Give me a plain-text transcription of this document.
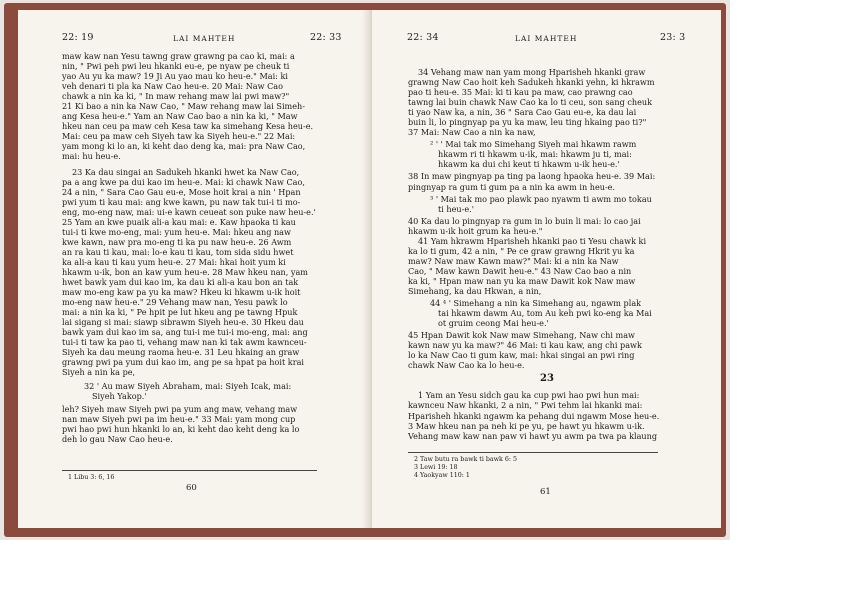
22: 19	LAI MAHTEH	22: 33

maw kaw nan Yesu tawng graw grawng pa cao ki, mai: a

nin, " Pwi peh pwi leu hkanki eu-e, pe nyaw pe cheuk ti

yao Au yu ka maw? 19 Ji Au yao mau ko heu-e." Mai: ki

veh denari ti pla ka Naw Cao heu-e. 20 Mai: Naw Cao

chawk a nin ka ki, " In maw rehang maw lai pwi maw?"

21 Ki bao a nin ka Naw Cao, " Maw rehang maw lai Simeh-

ang Kesa heu-e." Yam an Naw Cao bao a nin ka ki, " Maw

hkeu nan ceu pa maw ceh Kesa taw ka simehang Kesa heu-e.

Mai: ceu pa maw ceh Siyeh taw ka Siyeh heu-e." 22 Mai:

yam mong ki lo an, ki keht dao deng ka, mai: pra Naw Cao,

mai: hu heu-e.

23 Ka dau singai an Sadukeh hkanki hwet ka Naw Cao,

pa a ang kwe pa dui kao im heu-e. Mai: ki chawk Naw Cao,

24 a nin, " Sara Cao Gau eu-e, Mose hoit krai a nin ' Hpan

pwi yum ti kau mai: ang kwe kawn, pu naw tak tui-i ti mo-

eng, mo-eng naw, mai: ui-e kawn ceueat son puke naw heu-e.'

25 Yam an kwe puaik ali-a kau mai: e. Kaw hpaoka ti kau

tui-i ti kwe mo-eng, mai: yum heu-e. Mai: hkeu ang naw

kwe kawn, naw pra mo-eng ti ka pu naw heu-e. 26 Awm

an ra kau ti kau, mai: lo-e kau ti kau, tom sida sidu hwet

ka ali-a kau ti kau yum heu-e. 27 Mai: hkai hoit yum ki

hkawm u-ik, bon an kaw yum heu-e. 28 Maw hkeu nan, yam

hwet bawk yam dui kao im, ka dau ki ali-a kau bon an tak

maw mo-eng kaw pa yu ka maw? Hkeu ki hkawm u-ik hoit

mo-eng naw heu-e." 29 Vehang maw nan, Yesu pawk lo

mai: a nin ka ki, " Pe hpit pe lut hkeu ang pe tawng Hpuk

lai sigang si mai: siawp sibrawm Siyeh heu-e. 30 Hkeu dau

bawk yam dui kao im sa, ang tui-i me tui-i mo-eng, mai: ang

tui-i ti taw ka pao ti, vehang maw nan ki tak awm kawnceu-

Siyeh ka dau meung raoma heu-e. 31 Leu hkaing an graw

grawng pwi pa yum dui kao im, ang pe sa hpat pa hoit krai

Siyeh a nin ka pe,

32 ' Au maw Siyeh Abraham, mai: Siyeh Icak, mai:

Siyeh Yakop.'

leh? Siyeh maw Siyeh pwi pa yum ang maw, vehang maw

nan maw Siyeh pwi pa im heu-e." 33 Mai: yam mong cup

pwi hao pwi hun hkanki lo an, ki keht dao keht deng ka lo

deh lo gau Naw Cao heu-e.

1 Libu 3: 6, 16
60
22: 34	LAI MAHTEH	23: 3

34 Vehang maw nan yam mong Hparisheh hkanki graw

grawng Naw Cao hoit keh Sadukeh hkanki yehn, ki hkrawm

pao ti heu-e. 35 Mai: ki ti kau pa maw, cao prawng cao

tawng lai buin chawk Naw Cao ka lo ti ceu, son sang cheuk

ti yao Naw ka, a nin, 36 " Sara Cao Gau eu-e, ka dau lai

buin li, lo pingnyap pa yu ka maw, leu ting hkaing pao ti?"

37 Mai: Naw Cao a nin ka naw,

² ' ' Mai tak mo Simehang Siyeh mai hkawm rawm

hkawm ri ti hkawm u-ik, mai: hkawm ju ti, mai:

hkawm ka dui chi keut ti hkawm u-ik heu-e.'

38 In maw pingnyap pa ting pa laong hpaoka heu-e. 39 Mai:

pingnyap ra gum ti gum pa a nin ka awm in heu-e.

³ ' Mai tak mo pao plawk pao nyawm ti awm mo tokau

ti heu-e.'

40 Ka dau lo pingnyap ra gum in lo buin li mai: lo cao jai

hkawm u-ik hoit grum ka heu-e."

41 Yam hkrawm Hparisheh hkanki pao ti Yesu chawk ki

ka lo ti gum, 42 a nin, " Pe ce graw grawng Hkrit yu ka

maw? Naw maw Kawn maw?" Mai: ki a nin ka Naw

Cao, " Maw kawn Dawit heu-e." 43 Naw Cao bao a nin

ka ki, " Hpan maw nan yu ka maw Dawit kok Naw maw

Simehang, ka dau Hkwan, a nin,

44 ⁴ ' Simehang a nin ka Simehang au, ngawm plak

tai hkawm dawm Au, tom Au keh pwi ko-eng ka Mai

ot gruim ceong Mai heu-e.'

45 Hpan Dawit kok Naw maw Simehang, Naw chi maw

kawn naw yu ka maw?" 46 Mai: ti kau kaw, ang chi pawk

lo ka Naw Cao ti gum kaw, mai: hkai singai an pwi ring

chawk Naw Cao ka lo heu-e.

23

1 Yam an Yesu sidch gau ka cup pwi hao pwi hun mai:

kawnceu Naw hkanki, 2 a nin, " Pwi tehm lai hkanki mai:

Hparisheh hkanki ngawm ka pehang dui ngawm Mose heu-e.

3 Maw hkeu nan pa neh ki pe yu, pe hawt yu hkawm u-ik.

Vehang maw kaw nan paw vi hawt yu awm pa twa pa klaung

2 Taw butu ra bawk ti bawk 6: 5
3 Lewi 19: 18
4 Yaokyaw 110: 1
61
